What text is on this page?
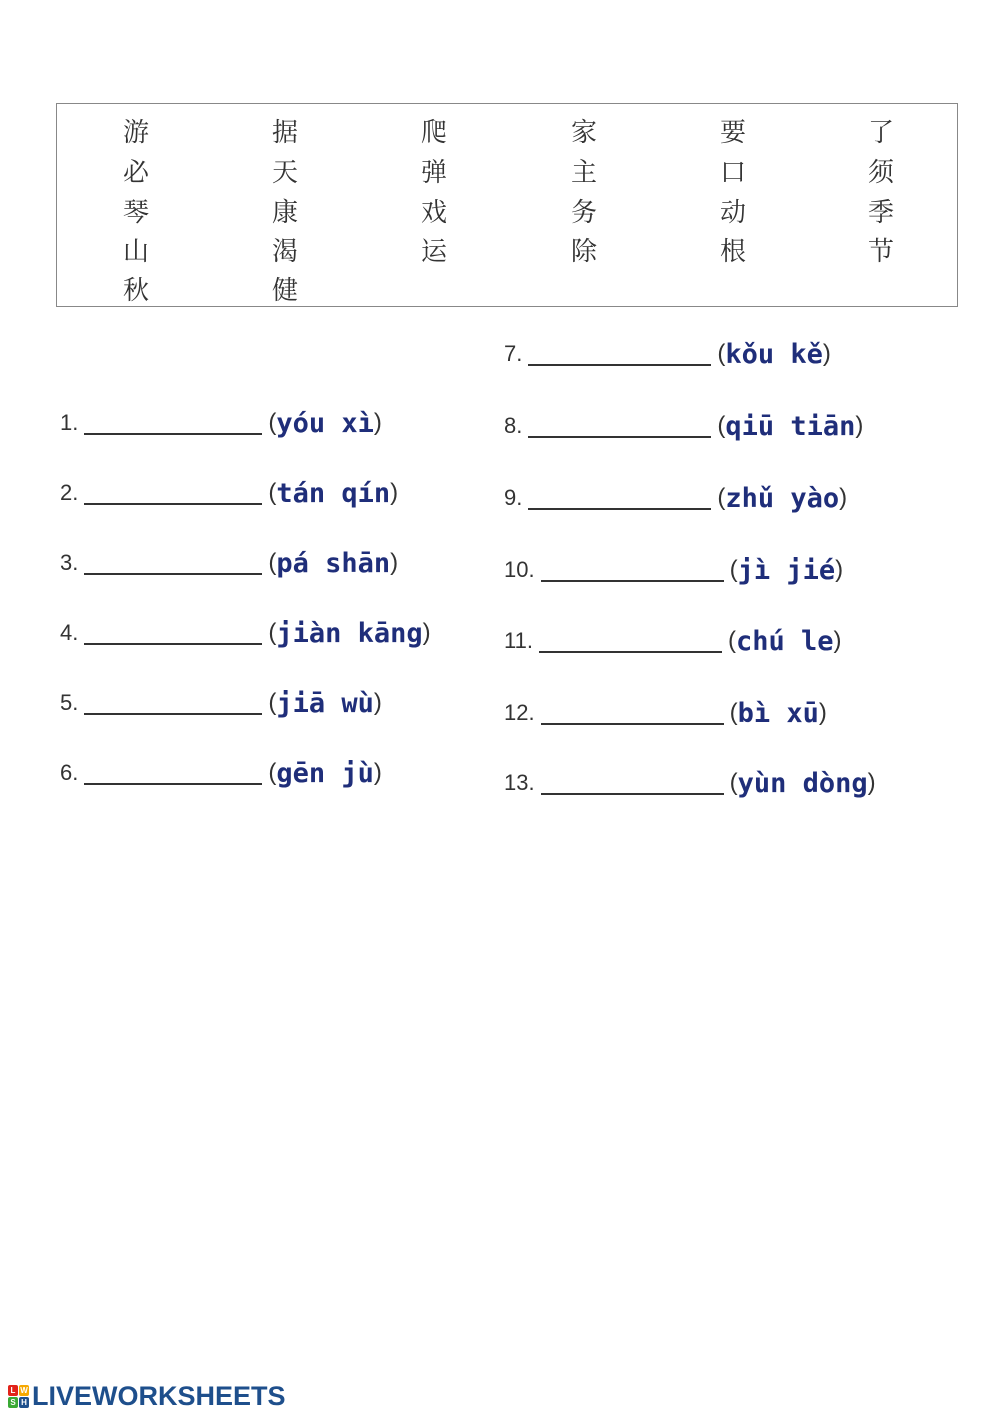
游	据	爬	家	要	了
必	天	弹	主	口	须
琴	康	戏	务	动	季
山	渴	运	除	根	节
秋	健
1.	( yóu xì )
2.	( tán qín )
3.	( pá shān )
4.	( jiàn kāng )
5.	( jiā wù )
6.	( gēn jù )
7.	( kǒu kě )
8.	( qiū tiān )
9.	( zhǔ yào )
10.	( jì jié )
11.	( chú le )
12.	( bì xū )
13.	( yùn dòng )
L W
S H LIVEWORKSHEETS
